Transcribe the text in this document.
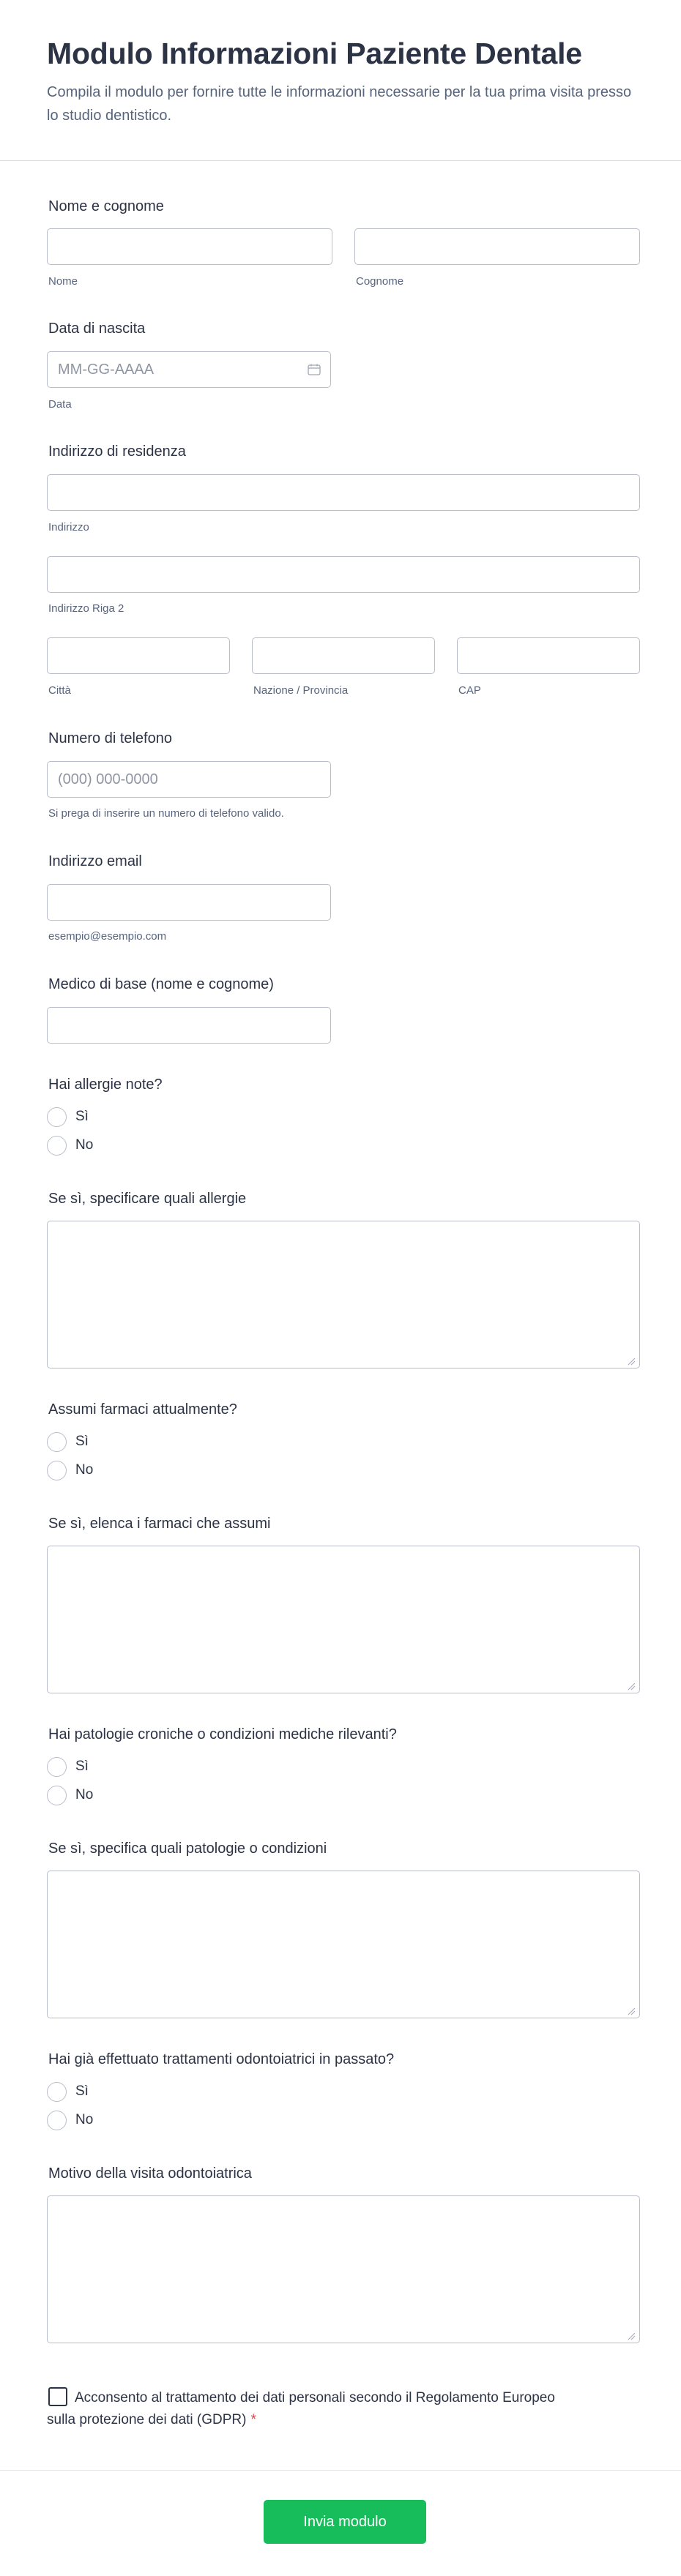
Modulo Informazioni Paziente Dentale
Compila il modulo per fornire tutte le informazioni necessarie per la tua prima visita presso lo studio dentistico.
Nome e cognome
Nome	Cognome
Data di nascita
MM-GG-AAAA
Data
Indirizzo di residenza
Indirizzo
Indirizzo Riga 2
Città	Nazione / Provincia	CAP
Numero di telefono
(000) 000-0000
Si prega di inserire un numero di telefono valido.
Indirizzo email
esempio@esempio.com
Medico di base (nome e cognome)
Hai allergie note?
Sì
No
Se sì, specificare quali allergie
Assumi farmaci attualmente?
Sì
No
Se sì, elenca i farmaci che assumi
Hai patologie croniche o condizioni mediche rilevanti?
Sì
No
Se sì, specifica quali patologie o condizioni
Hai già effettuato trattamenti odontoiatrici in passato?
Sì
No
Motivo della visita odontoiatrica
Acconsento al trattamento dei dati personali secondo il Regolamento Europeo sulla protezione dei dati (GDPR) *
Invia modulo
